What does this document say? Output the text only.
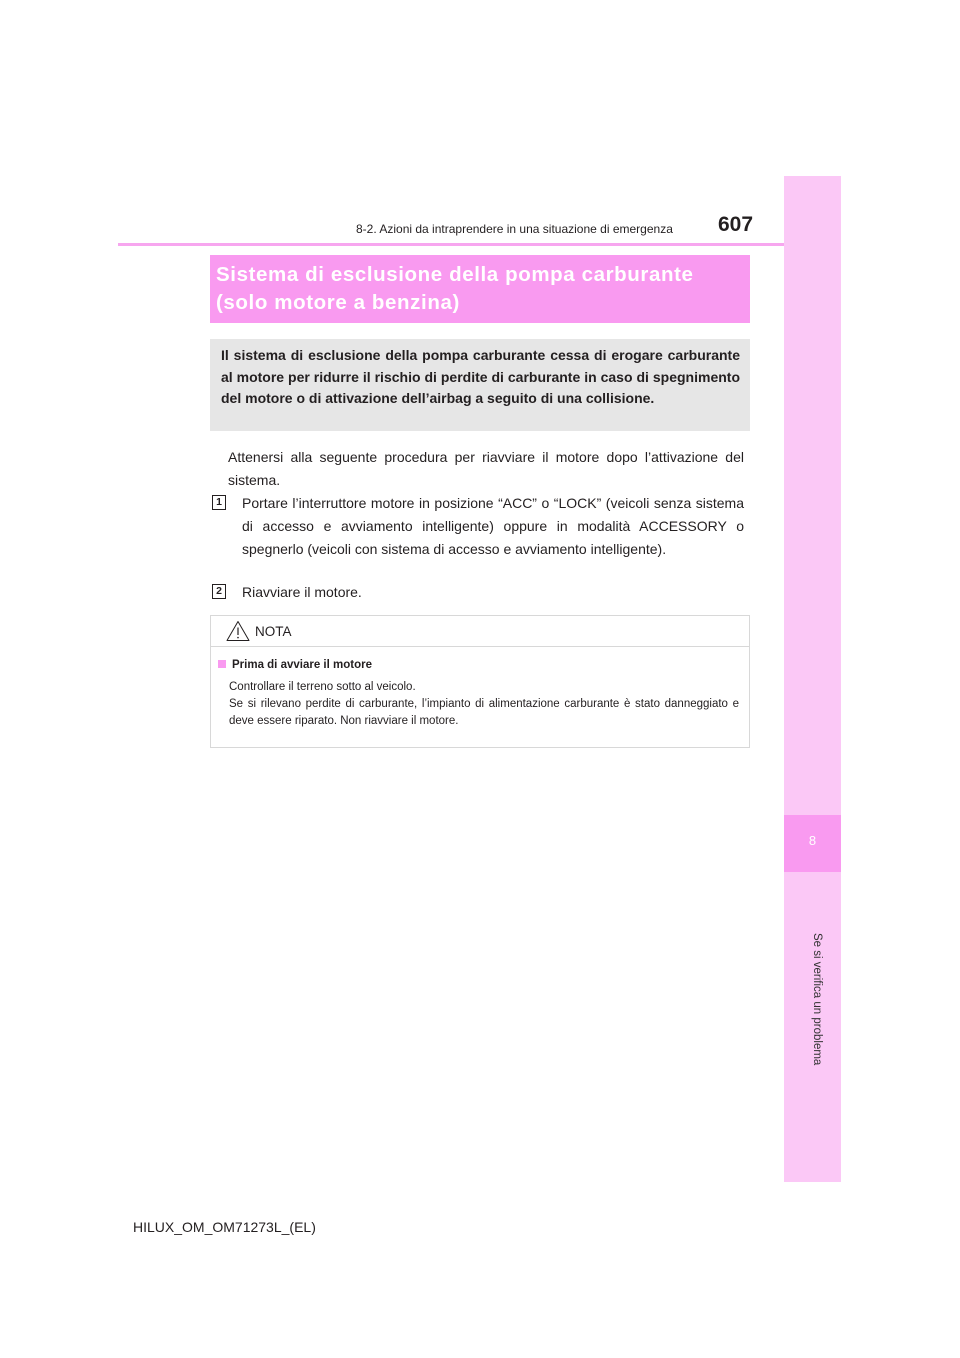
8
Se si verifica un problema
8-2. Azioni da intraprendere in una situazione di emergenza 607

Sistema di esclusione della pompa carburante

(solo motore a benzina)

Il sistema di esclusione della pompa carburante cessa di erogare carburante al motore per ridurre il rischio di perdite di carburante in caso di spegnimento del motore o di attivazione dell’airbag a seguito di una collisione.

Attenersi alla seguente procedura per riavviare il motore dopo l’attivazione del sistema.

1 Portare l’interruttore motore in posizione “ACC” o “LOCK” (veicoli senza sistema di accesso e avviamento intelligente) oppure in modalità ACCESSORY o spegnerlo (veicoli con sistema di accesso e avviamento intelligente).

2 Riavviare il motore.

NOTA
Prima di avviare il motore
Controllare il terreno sotto al veicolo.
Se si rilevano perdite di carburante, l’impianto di alimentazione carburante è stato danneggiato e deve essere riparato. Non riavviare il motore.
HILUX_OM_OM71273L_(EL)
